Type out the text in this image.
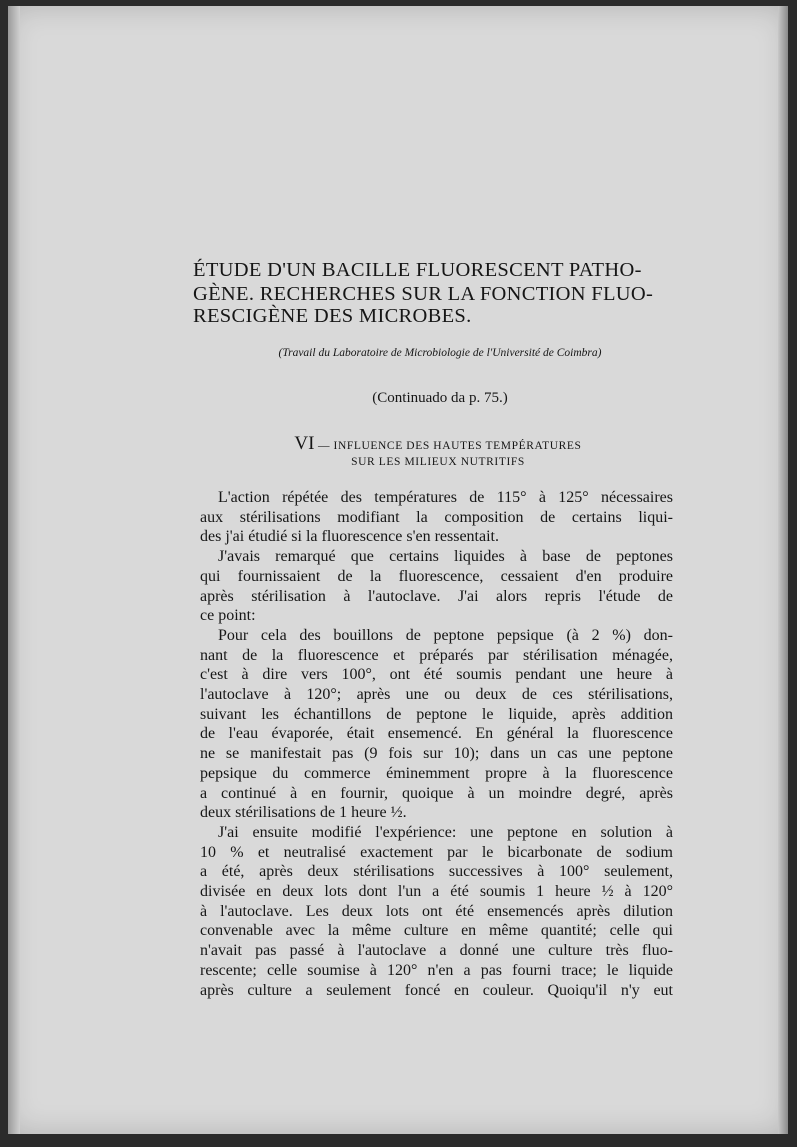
ÉTUDE D'UN BACILLE FLUORESCENT PATHO-
GÈNE. RECHERCHES SUR LA FONCTION FLUO-
RESCIGÈNE DES MICROBES.
(Travail du Laboratoire de Microbiologie de l'Université de Coimbra)
(Continuado da p. 75.)
VI — INFLUENCE DES HAUTES TEMPÉRATURES
SUR LES MILIEUX NUTRITIFS
L'action répétée des températures de 115° à 125° nécessaires
aux stérilisations modifiant la composition de certains liqui-
des j'ai étudié si la fluorescence s'en ressentait.
J'avais remarqué que certains liquides à base de peptones
qui fournissaient de la fluorescence, cessaient d'en produire
après stérilisation à l'autoclave. J'ai alors repris l'étude de
ce point:
Pour cela des bouillons de peptone pepsique (à 2 %) don-
nant de la fluorescence et préparés par stérilisation ménagée,
c'est à dire vers 100°, ont été soumis pendant une heure à
l'autoclave à 120°; après une ou deux de ces stérilisations,
suivant les échantillons de peptone le liquide, après addition
de l'eau évaporée, était ensemencé. En général la fluorescence
ne se manifestait pas (9 fois sur 10); dans un cas une peptone
pepsique du commerce éminemment propre à la fluorescence
a continué à en fournir, quoique à un moindre degré, après
deux stérilisations de 1 heure ½.
J'ai ensuite modifié l'expérience: une peptone en solution à
10 % et neutralisé exactement par le bicarbonate de sodium
a été, après deux stérilisations successives à 100° seulement,
divisée en deux lots dont l'un a été soumis 1 heure ½ à 120°
à l'autoclave. Les deux lots ont été ensemencés après dilution
convenable avec la même culture en même quantité; celle qui
n'avait pas passé à l'autoclave a donné une culture très fluo-
rescente; celle soumise à 120° n'en a pas fourni trace; le liquide
après culture a seulement foncé en couleur. Quoiqu'il n'y eut
